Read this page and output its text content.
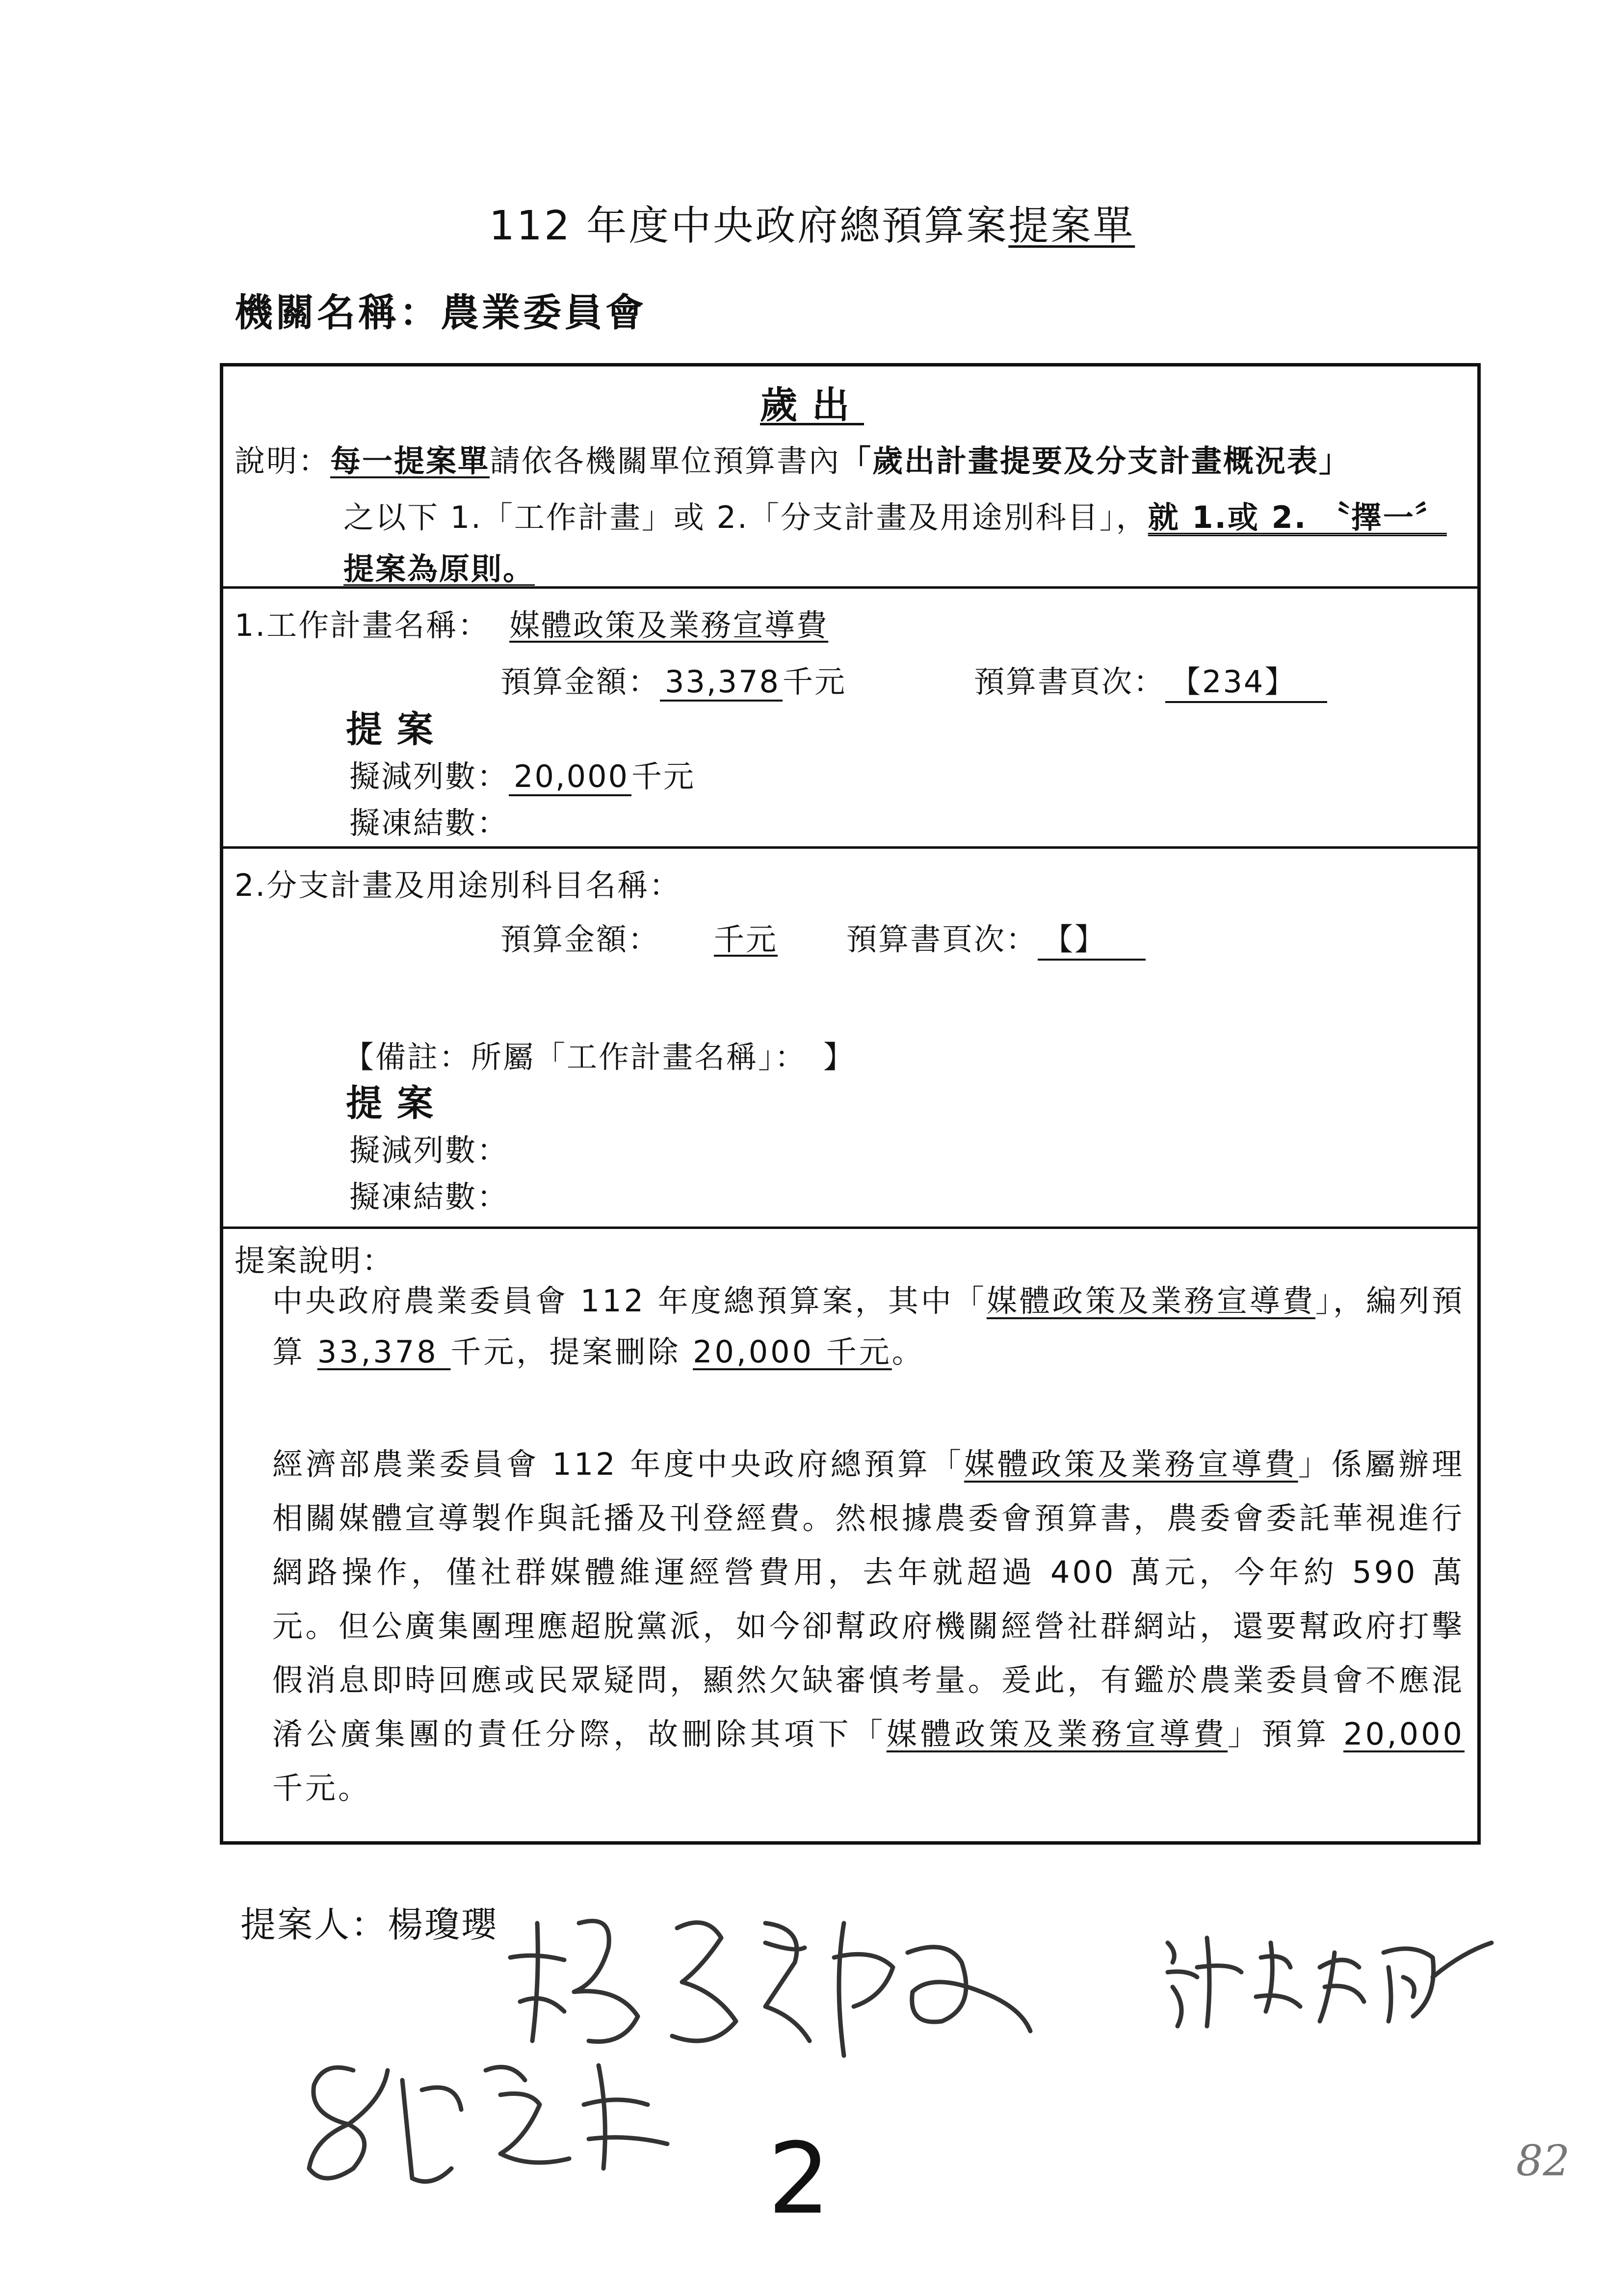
112 年度中央政府總預算案提案單
機關名稱：農業委員會
歲出
說明：每一提案單請依各機關單位預算書內「歲出計畫提要及分支計畫概況表」
之以下 1.「工作計畫」或 2.「分支計畫及用途別科目」，就 1.或 2. 〝擇一〞
提案為原則。
1.工作計畫名稱： 媒體政策及業務宣導費
預算金額： 33,378千元	預算書頁次： 【234】
提案
擬減列數： 20,000千元
擬凍結數：
2.分支計畫及用途別科目名稱：
預算金額： 千元 預算書頁次： 【】
【備註：所屬「工作計畫名稱」：　】
提案
擬減列數：
擬凍結數：
提案說明：
中央政府農業委員會 112 年度總預算案，其中「媒體政策及業務宣導費」，編列預算 33,378 千元，提案刪除 20,000 千元。
經濟部農業委員會 112 年度中央政府總預算「媒體政策及業務宣導費」係屬辦理相關媒體宣導製作與託播及刊登經費。然根據農委會預算書，農委會委託華視進行網路操作，僅社群媒體維運經營費用，去年就超過 400 萬元，今年約 590 萬元。但公廣集團理應超脫黨派，如今卻幫政府機關經營社群網站，還要幫政府打擊假消息即時回應或民眾疑問，顯然欠缺審慎考量。爰此，有鑑於農業委員會不應混淆公廣集團的責任分際，故刪除其項下「媒體政策及業務宣導費」預算 20,000 千元。
提案人：楊瓊瓔
2	82
